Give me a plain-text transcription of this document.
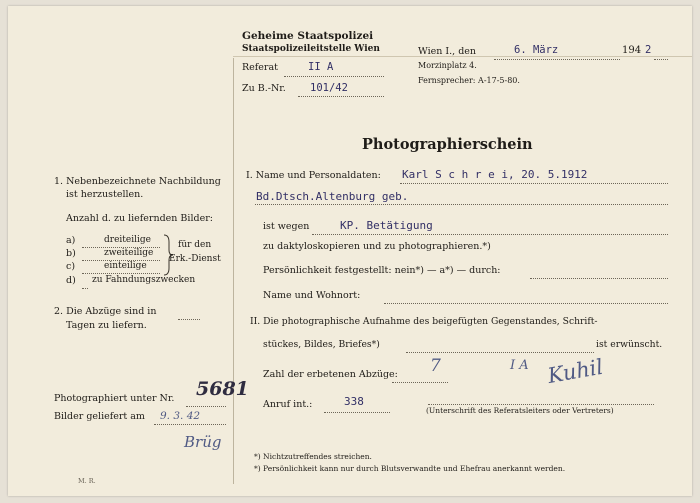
Geheime Staatspolizei
Staatspolizeileitstelle Wien
Referat	II A
Zu B.-Nr. 101/42
Wien I., den	6. März	194 2
Morzinplatz 4.
Fernsprecher: A-17-5-80.
1. Nebenbezeichnete Nachbildung
ist herzustellen.
Anzahl d. zu liefernden Bilder:
a)	dreiteilige
b)	zweiteilige
c)	einteilige
d) zu Fahndungszwecken
für den
Erk.-Dienst
2. Die Abzüge sind in
Tagen zu liefern.
Photographiert unter Nr. 5681
Bilder geliefert am 9. 3. 42
Brüg
M. R.
Photographierschein
I. Name und Personaldaten: Karl S c h r e i, 20. 5.1912
Bd.Dtsch.Altenburg geb.
ist wegen	KP. Betätigung
zu daktyloskopieren und zu photographieren.*)
Persönlichkeit festgestellt: nein*) — a*) — durch:
Name und Wohnort:
II. Die photographische Aufnahme des beigefügten Gegenstandes, Schrift-
stückes, Bildes, Briefes*)	ist erwünscht.
Zahl der erbetenen Abzüge: 7	I A Kuhil
Anruf int.:	338
(Unterschrift des Referatsleiters oder Vertreters)
*) Nichtzutreffendes streichen.
*) Persönlichkeit kann nur durch Blutsverwandte und Ehefrau anerkannt werden.
